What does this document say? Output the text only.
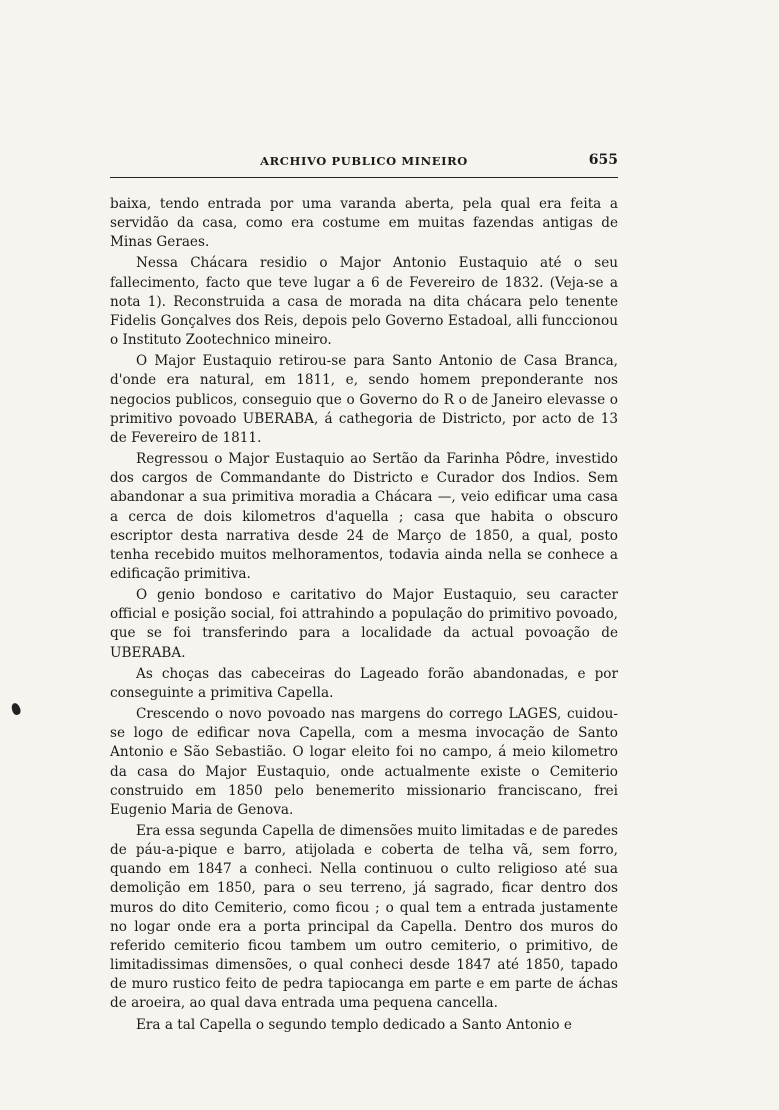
ARCHIVO PUBLICO MINEIRO	655

baixa, tendo entrada por uma varanda aberta, pela qual era feita a servidão da casa, como era costume em muitas fazendas antigas de Minas Geraes.

Nessa Chácara residio o Major Antonio Eustaquio até o seu fallecimento, facto que teve lugar a 6 de Fevereiro de 1832. (Veja-se a nota 1). Reconstruida a casa de morada na dita chácara pelo tenente Fidelis Gonçalves dos Reis, depois pelo Governo Estadoal, alli funccionou o Instituto Zootechnico mineiro.

O Major Eustaquio retirou-se para Santo Antonio de Casa Branca, d'onde era natural, em 1811, e, sendo homem preponderante nos negocios publicos, conseguio que o Governo do R o de Janeiro elevasse o primitivo povoado UBERABA, á cathegoria de Districto, por acto de 13 de Fevereiro de 1811.

Regressou o Major Eustaquio ao Sertão da Farinha Pôdre, investido dos cargos de Commandante do Districto e Curador dos Indios. Sem abandonar a sua primitiva moradia a Chácara —, veio edificar uma casa a cerca de dois kilometros d'aquella ; casa que habita o obscuro escriptor desta narrativa desde 24 de Março de 1850, a qual, posto tenha recebido muitos melhoramentos, todavia ainda nella se conhece a edificação primitiva.

O genio bondoso e caritativo do Major Eustaquio, seu caracter official e posição social, foi attrahindo a população do primitivo povoado, que se foi transferindo para a localidade da actual povoação de UBERABA.

As choças das cabeceiras do Lageado forão abandonadas, e por conseguinte a primitiva Capella.

Crescendo o novo povoado nas margens do corrego LAGES, cuidou-se logo de edificar nova Capella, com a mesma invocação de Santo Antonio e São Sebastião. O logar eleito foi no campo, á meio kilometro da casa do Major Eustaquio, onde actualmente existe o Cemiterio construido em 1850 pelo benemerito missionario franciscano, frei Eugenio Maria de Genova.

Era essa segunda Capella de dimensões muito limitadas e de paredes de páu-a-pique e barro, atijolada e coberta de telha vã, sem forro, quando em 1847 a conheci. Nella continuou o culto religioso até sua demolição em 1850, para o seu terreno, já sagrado, ficar dentro dos muros do dito Cemiterio, como ficou ; o qual tem a entrada justamente no logar onde era a porta principal da Capella. Dentro dos muros do referido cemiterio ficou tambem um outro cemiterio, o primitivo, de limitadissimas dimensões, o qual conheci desde 1847 até 1850, tapado de muro rustico feito de pedra tapiocanga em parte e em parte de áchas de aroeira, ao qual dava entrada uma pequena cancella.

Era a tal Capella o segundo templo dedicado a Santo Antonio e
